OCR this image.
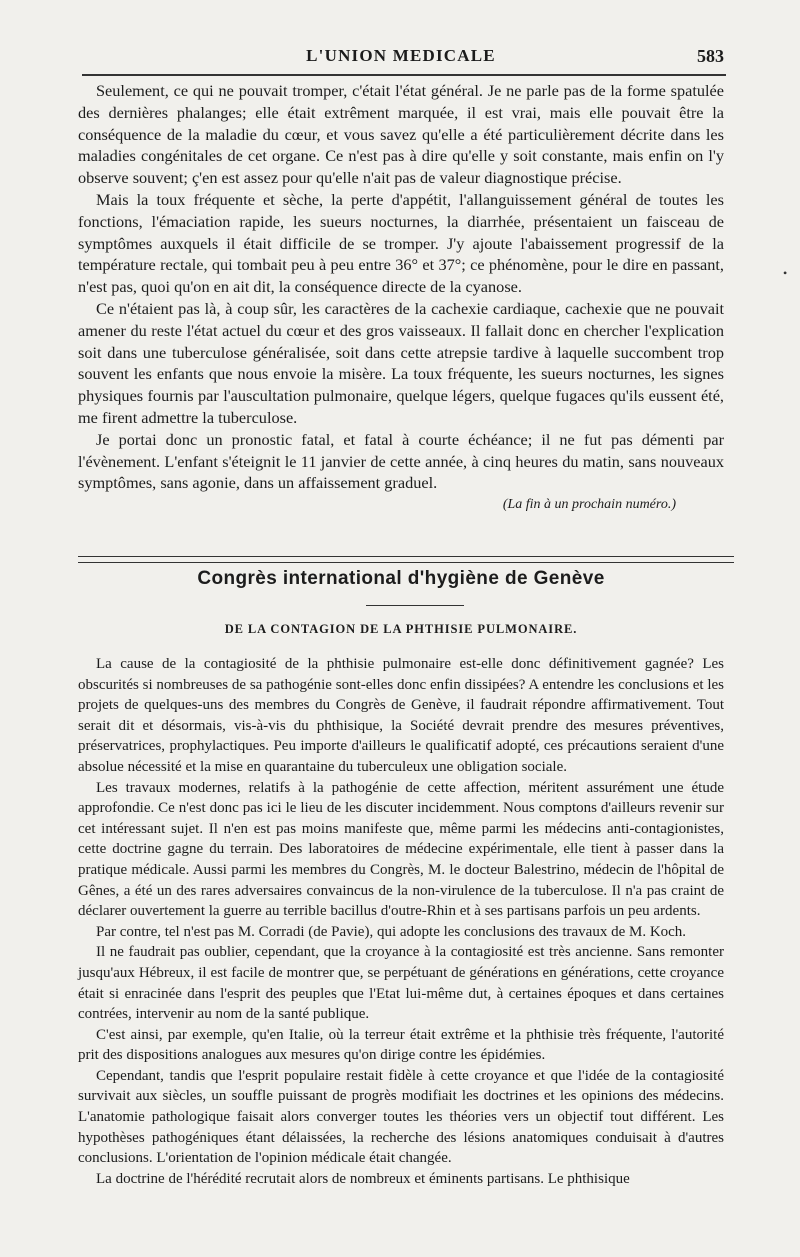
L'UNION MEDICALE	583

Seulement, ce qui ne pouvait tromper, c'était l'état général. Je ne parle pas de la forme spatulée des dernières phalanges; elle était extrêment marquée, il est vrai, mais elle pouvait être la conséquence de la maladie du cœur, et vous savez qu'elle a été particulièrement décrite dans les maladies congénitales de cet organe. Ce n'est pas à dire qu'elle y soit constante, mais enfin on l'y observe souvent; ç'en est assez pour qu'elle n'ait pas de valeur diagnostique précise.

Mais la toux fréquente et sèche, la perte d'appétit, l'allanguissement général de toutes les fonctions, l'émaciation rapide, les sueurs nocturnes, la diarrhée, présentaient un faisceau de symptômes auxquels il était difficile de se tromper. J'y ajoute l'abaissement progressif de la température rectale, qui tombait peu à peu entre 36° et 37°; ce phénomène, pour le dire en passant, n'est pas, quoi qu'on en ait dit, la conséquence directe de la cyanose.

Ce n'étaient pas là, à coup sûr, les caractères de la cachexie cardiaque, cachexie que ne pouvait amener du reste l'état actuel du cœur et des gros vaisseaux. Il fallait donc en chercher l'explication soit dans une tuberculose généralisée, soit dans cette atrepsie tardive à laquelle succombent trop souvent les enfants que nous envoie la misère. La toux fréquente, les sueurs nocturnes, les signes physiques fournis par l'auscultation pulmonaire, quelque légers, quelque fugaces qu'ils eussent été, me firent admettre la tuberculose.

Je portai donc un pronostic fatal, et fatal à courte échéance; il ne fut pas démenti par l'évènement. L'enfant s'éteignit le 11 janvier de cette année, à cinq heures du matin, sans nouveaux symptômes, sans agonie, dans un affaissement graduel.

(La fin à un prochain numéro.)
•
Congrès international d'hygiène de Genève
DE LA CONTAGION DE LA PHTHISIE PULMONAIRE.

La cause de la contagiosité de la phthisie pulmonaire est-elle donc définitivement gagnée? Les obscurités si nombreuses de sa pathogénie sont-elles donc enfin dissipées? A entendre les conclusions et les projets de quelques-uns des membres du Congrès de Genève, il faudrait répondre affirmativement. Tout serait dit et désormais, vis-à-vis du phthisique, la Société devrait prendre des mesures préventives, préservatrices, prophylactiques. Peu importe d'ailleurs le qualificatif adopté, ces précautions seraient d'une absolue nécessité et la mise en quarantaine du tuberculeux une obligation sociale.

Les travaux modernes, relatifs à la pathogénie de cette affection, méritent assurément une étude approfondie. Ce n'est donc pas ici le lieu de les discuter incidemment. Nous comptons d'ailleurs revenir sur cet intéressant sujet. Il n'en est pas moins manifeste que, même parmi les médecins anti-contagionistes, cette doctrine gagne du terrain. Des laboratoires de médecine expérimentale, elle tient à passer dans la pratique médicale. Aussi parmi les membres du Congrès, M. le docteur Balestrino, médecin de l'hôpital de Gênes, a été un des rares adversaires convaincus de la non-virulence de la tuberculose. Il n'a pas craint de déclarer ouvertement la guerre au terrible bacillus d'outre-Rhin et à ses partisans parfois un peu ardents.

Par contre, tel n'est pas M. Corradi (de Pavie), qui adopte les conclusions des travaux de M. Koch.

Il ne faudrait pas oublier, cependant, que la croyance à la contagiosité est très ancienne. Sans remonter jusqu'aux Hébreux, il est facile de montrer que, se perpétuant de générations en générations, cette croyance était si enracinée dans l'esprit des peuples que l'Etat lui-même dut, à certaines époques et dans certaines contrées, intervenir au nom de la santé publique.

C'est ainsi, par exemple, qu'en Italie, où la terreur était extrême et la phthisie très fréquente, l'autorité prit des dispositions analogues aux mesures qu'on dirige contre les épidémies.

Cependant, tandis que l'esprit populaire restait fidèle à cette croyance et que l'idée de la contagiosité survivait aux siècles, un souffle puissant de progrès modifiait les doctrines et les opinions des médecins. L'anatomie pathologique faisait alors converger toutes les théories vers un objectif tout différent. Les hypothèses pathogéniques étant délaissées, la recherche des lésions anatomiques conduisait à d'autres conclusions. L'orientation de l'opinion médicale était changée.

La doctrine de l'hérédité recrutait alors de nombreux et éminents partisans. Le phthisique
